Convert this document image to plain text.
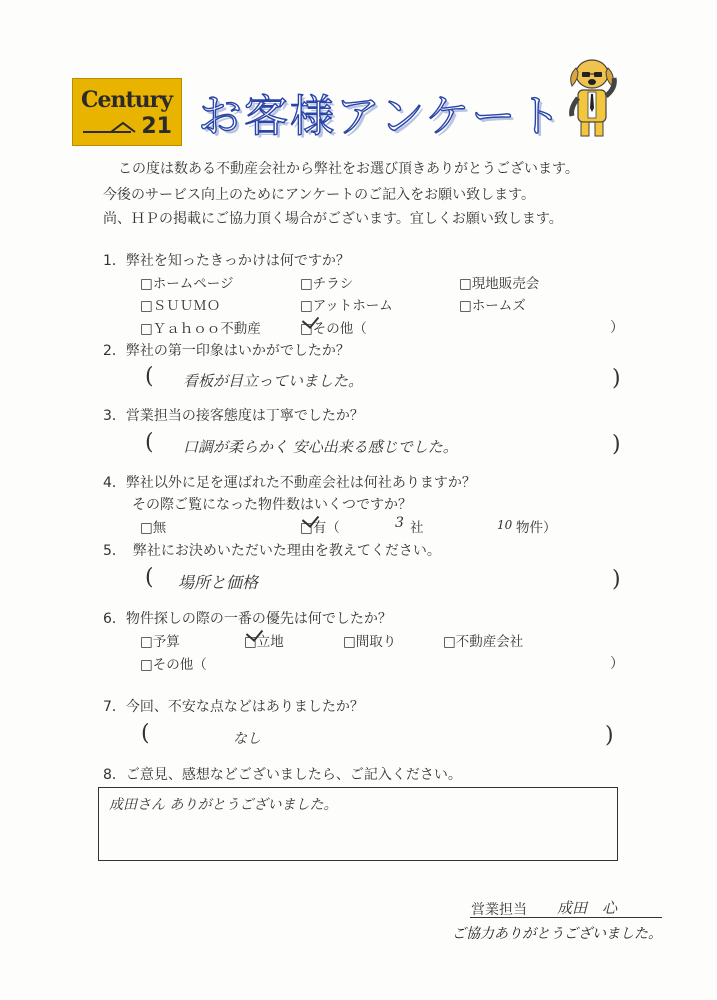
Century
21 お客様アンケート
この度は数ある不動産会社から弊社をお選び頂きありがとうございます。
今後のサービス向上のためにアンケートのご記入をお願い致します。
尚、ＨＰの掲載にご協力頂く場合がございます。宜しくお願い致します。
1．弊社を知ったきっかけは何ですか？
□ホームページ	□チラシ	□現地販売会
□ＳＵＵＭＯ	□アットホーム	□ホームズ
□Ｙａｈｏｏ不動産	□その他（	）
2．弊社の第一印象はいかがでしたか？
( 看板が目立っていました。	)
3．営業担当の接客態度は丁寧でしたか？
( 口調が柔らかく 安心出来る感じでした。	)
4．弊社以外に足を運ばれた不動産会社は何社ありますか？
その際ご覧になった物件数はいくつですか？
□無	□有（	3 社	10 物件）
5．　弊社にお決めいただいた理由を教えてください。
( 場所と価格	)
6．物件探しの際の一番の優先は何でしたか？
□予算	□立地	□間取り	□不動産会社
□その他（	）
7．今回、不安な点などはありましたか？
(	なし	)
8．ご意見、感想などございましたら、ご記入ください。
成田さん ありがとうございました。
営業担当 成田　心
ご協力ありがとうございました。
